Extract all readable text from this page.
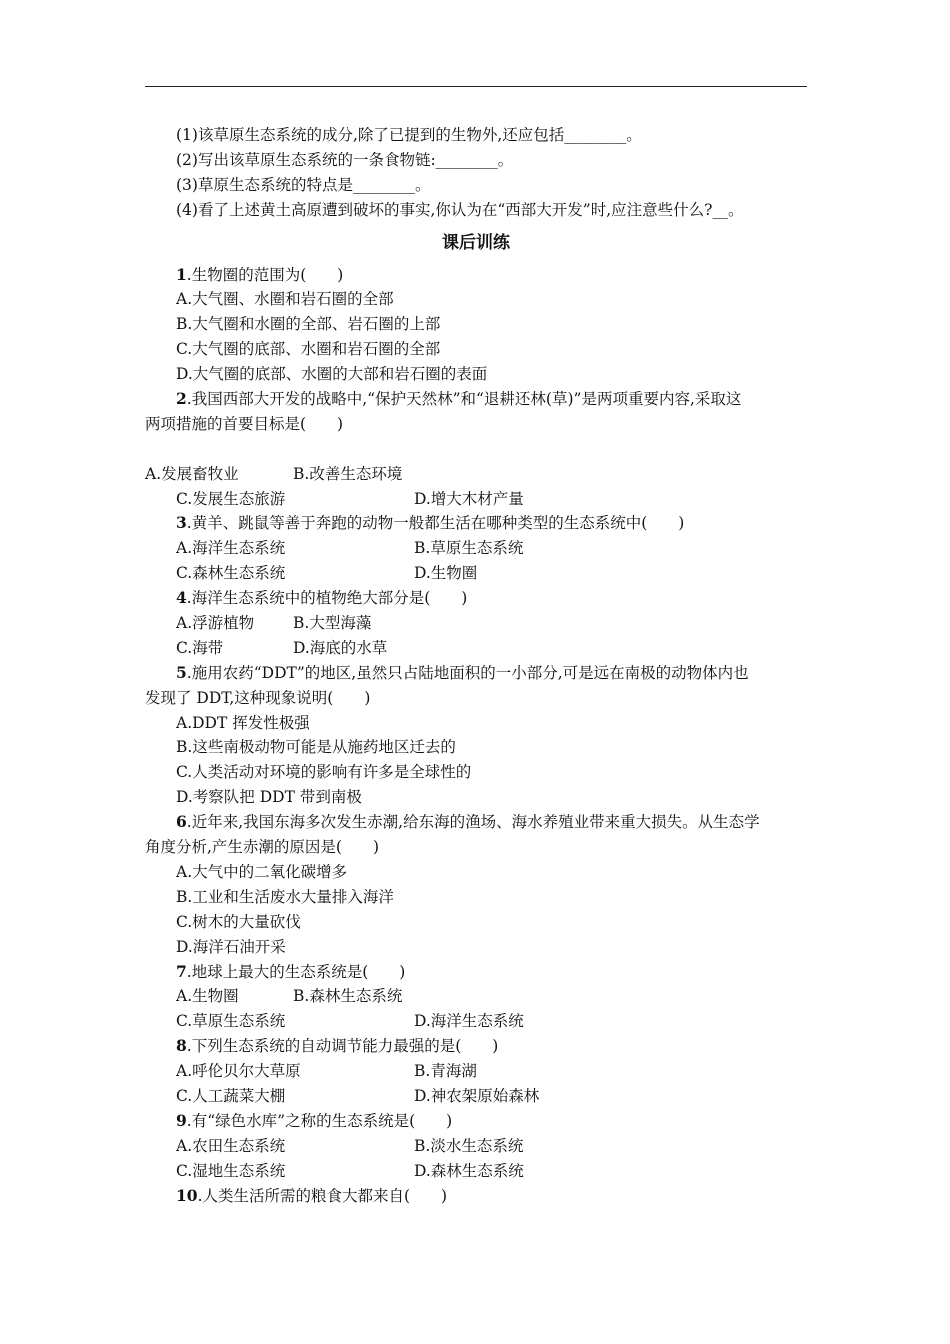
(1)该草原生态系统的成分,除了已提到的生物外,还应包括________。
(2)写出该草原生态系统的一条食物链:________。
(3)草原生态系统的特点是________。
(4)看了上述黄土高原遭到破坏的事实,你认为在“西部大开发”时,应注意些什么?__。
课后训练
1.生物圈的范围为(　　)
A.大气圈、水圈和岩石圈的全部
B.大气圈和水圈的全部、岩石圈的上部
C.大气圈的底部、水圈和岩石圈的全部
D.大气圈的底部、水圈的大部和岩石圈的表面
2.我国西部大开发的战略中,“保护天然林”和“退耕还林(草)”是两项重要内容,采取这
两项措施的首要目标是(　　)
A.发展畜牧业	B.改善生态环境
C.发展生态旅游	D.增大木材产量
3.黄羊、跳鼠等善于奔跑的动物一般都生活在哪种类型的生态系统中(　　)
A.海洋生态系统	B.草原生态系统
C.森林生态系统	D.生物圈
4.海洋生态系统中的植物绝大部分是(　　)
A.浮游植物	B.大型海藻
C.海带	D.海底的水草
5.施用农药“DDT”的地区,虽然只占陆地面积的一小部分,可是远在南极的动物体内也
发现了 DDT,这种现象说明(　　)
A.DDT 挥发性极强
B.这些南极动物可能是从施药地区迁去的
C.人类活动对环境的影响有许多是全球性的
D.考察队把 DDT 带到南极
6.近年来,我国东海多次发生赤潮,给东海的渔场、海水养殖业带来重大损失。从生态学
角度分析,产生赤潮的原因是(　　)
A.大气中的二氧化碳增多
B.工业和生活废水大量排入海洋
C.树木的大量砍伐
D.海洋石油开采
7.地球上最大的生态系统是(　　)
A.生物圈	B.森林生态系统
C.草原生态系统	D.海洋生态系统
8.下列生态系统的自动调节能力最强的是(　　)
A.呼伦贝尔大草原	B.青海湖
C.人工蔬菜大棚	D.神农架原始森林
9.有“绿色水库”之称的生态系统是(　　)
A.农田生态系统	B.淡水生态系统
C.湿地生态系统	D.森林生态系统
10.人类生活所需的粮食大都来自(　　)
